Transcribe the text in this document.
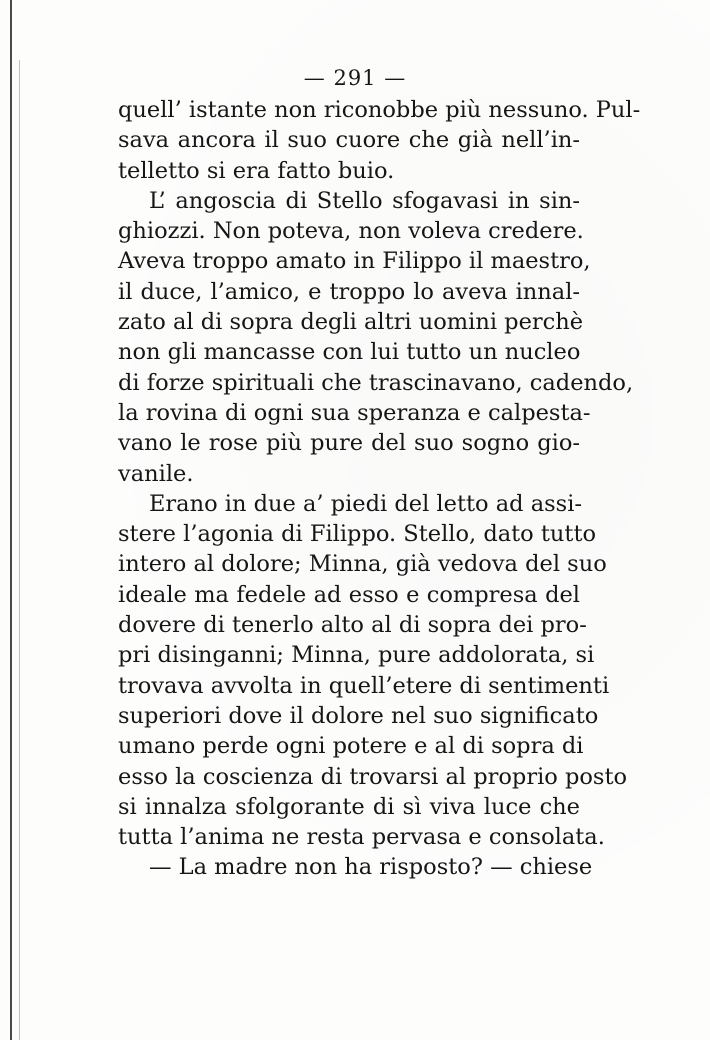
— 291 —
quell’ istante non riconobbe più nessuno. Pul-
sava ancora il suo cuore che già nell’in-
telletto si era fatto buio.
L’ angoscia di Stello sfogavasi in sin-
ghiozzi. Non poteva, non voleva credere.
Aveva troppo amato in Filippo il maestro,
il duce, l’amico, e troppo lo aveva innal-
zato al di sopra degli altri uomini perchè
non gli mancasse con lui tutto un nucleo
di forze spirituali che trascinavano, cadendo,
la rovina di ogni sua speranza e calpesta-
vano le rose più pure del suo sogno gio-
vanile.
Erano in due a’ piedi del letto ad assi-
stere l’agonia di Filippo. Stello, dato tutto
intero al dolore; Minna, già vedova del suo
ideale ma fedele ad esso e compresa del
dovere di tenerlo alto al di sopra dei pro-
pri disinganni; Minna, pure addolorata, si
trovava avvolta in quell’etere di sentimenti
superiori dove il dolore nel suo significato
umano perde ogni potere e al di sopra di
esso la coscienza di trovarsi al proprio posto
si innalza sfolgorante di sì viva luce che
tutta l’anima ne resta pervasa e consolata.
— La madre non ha risposto? — chiese
